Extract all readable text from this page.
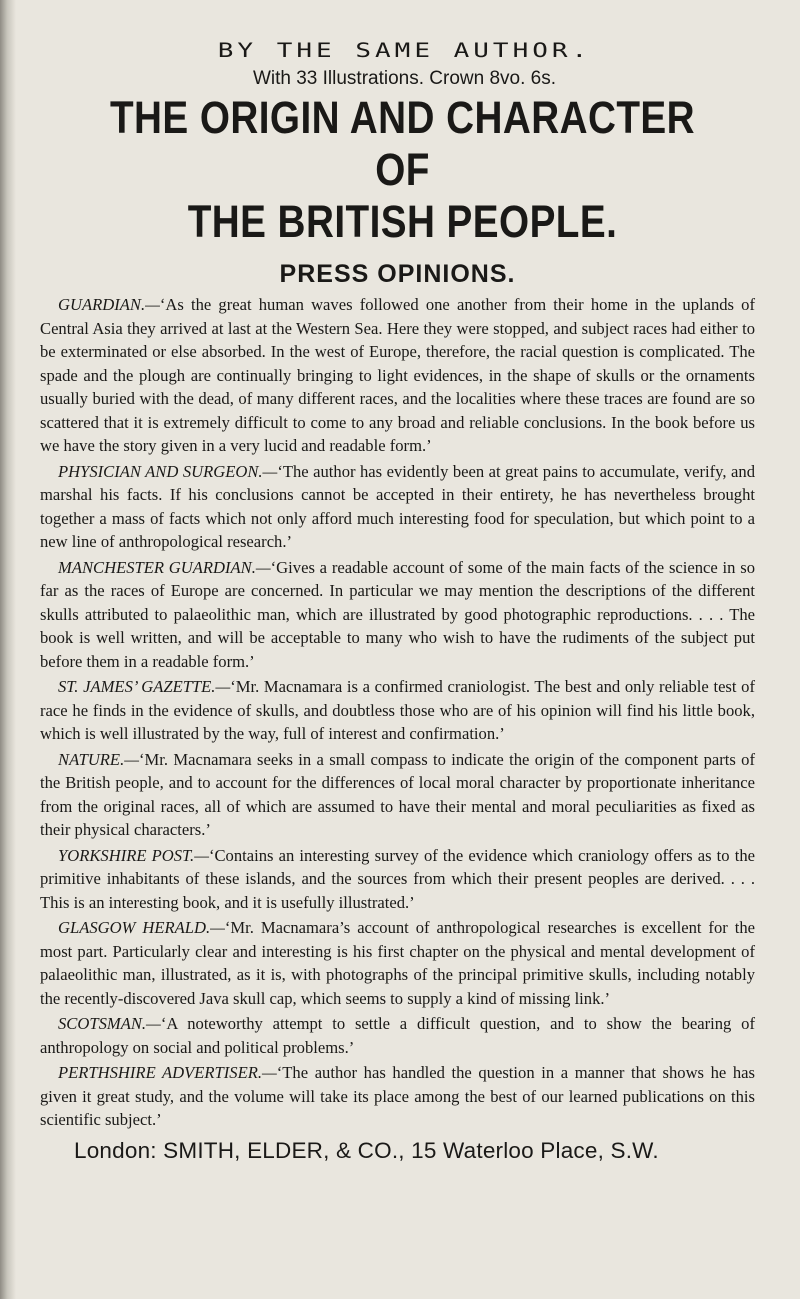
BY THE SAME AUTHOR.
With 33 Illustrations. Crown 8vo. 6s.
THE ORIGIN AND CHARACTER OF
THE BRITISH PEOPLE.
PRESS OPINIONS.

GUARDIAN.—‘As the great human waves followed one another from their home in the uplands of Central Asia they arrived at last at the Western Sea. Here they were stopped, and subject races had either to be exterminated or else absorbed. In the west of Europe, therefore, the racial question is complicated. The spade and the plough are continually bringing to light evidences, in the shape of skulls or the ornaments usually buried with the dead, of many different races, and the localities where these traces are found are so scattered that it is extremely difficult to come to any broad and reliable conclusions. In the book before us we have the story given in a very lucid and readable form.’

PHYSICIAN AND SURGEON.—‘The author has evidently been at great pains to accumulate, verify, and marshal his facts. If his conclusions cannot be accepted in their entirety, he has nevertheless brought together a mass of facts which not only afford much interesting food for speculation, but which point to a new line of anthropological research.’

MANCHESTER GUARDIAN.—‘Gives a readable account of some of the main facts of the science in so far as the races of Europe are concerned. In particular we may mention the descriptions of the different skulls attributed to palaeolithic man, which are illustrated by good photographic reproductions. . . . The book is well written, and will be acceptable to many who wish to have the rudiments of the subject put before them in a readable form.’

ST. JAMES’ GAZETTE.—‘Mr. Macnamara is a confirmed craniologist. The best and only reliable test of race he finds in the evidence of skulls, and doubtless those who are of his opinion will find his little book, which is well illustrated by the way, full of interest and confirmation.’

NATURE.—‘Mr. Macnamara seeks in a small compass to indicate the origin of the component parts of the British people, and to account for the differences of local moral character by proportionate inheritance from the original races, all of which are assumed to have their mental and moral peculiarities as fixed as their physical characters.’

YORKSHIRE POST.—‘Contains an interesting survey of the evidence which craniology offers as to the primitive inhabitants of these islands, and the sources from which their present peoples are derived. . . . This is an interesting book, and it is usefully illustrated.’

GLASGOW HERALD.—‘Mr. Macnamara’s account of anthropological researches is excellent for the most part. Particularly clear and interesting is his first chapter on the physical and mental development of palaeolithic man, illustrated, as it is, with photographs of the principal primitive skulls, including notably the recently-discovered Java skull cap, which seems to supply a kind of missing link.’

SCOTSMAN.—‘A noteworthy attempt to settle a difficult question, and to show the bearing of anthropology on social and political problems.’

PERTHSHIRE ADVERTISER.—‘The author has handled the question in a manner that shows he has given it great study, and the volume will take its place among the best of our learned publications on this scientific subject.’

London: SMITH, ELDER, & CO., 15 Waterloo Place, S.W.
